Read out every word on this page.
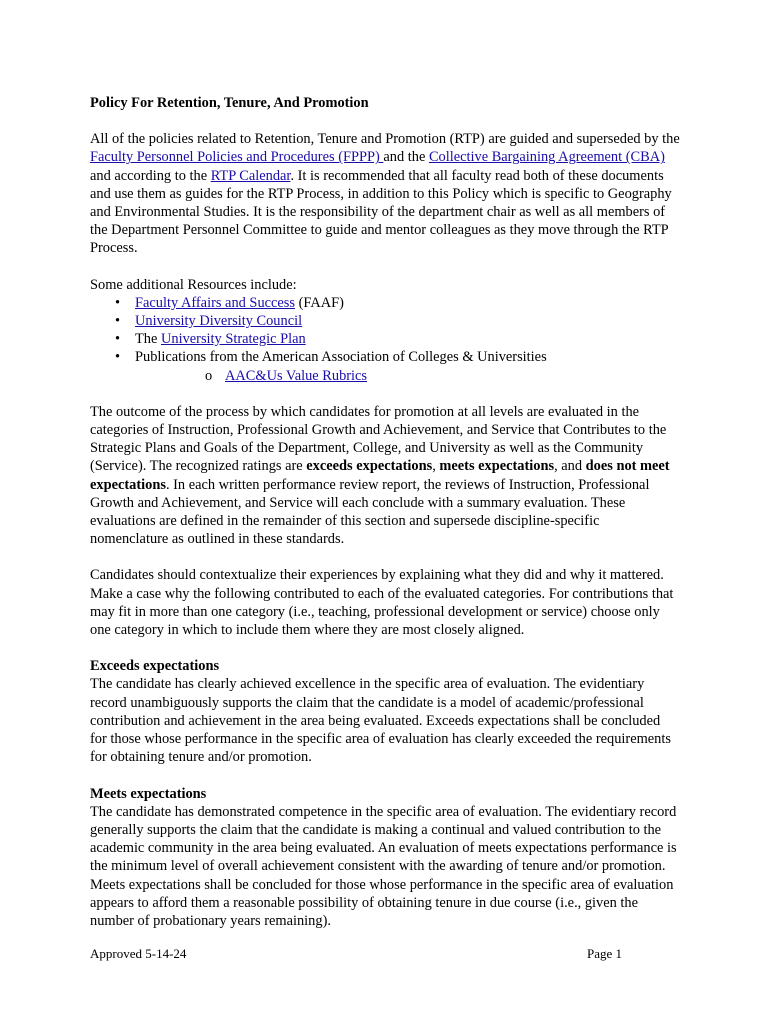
Policy For Retention, Tenure, And Promotion

All of the policies related to Retention, Tenure and Promotion (RTP) are guided and superseded by the Faculty Personnel Policies and Procedures (FPPP) and the Collective Bargaining Agreement (CBA) and according to the RTP Calendar. It is recommended that all faculty read both of these documents and use them as guides for the RTP Process, in addition to this Policy which is specific to Geography and Environmental Studies. It is the responsibility of the department chair as well as all members of the Department Personnel Committee to guide and mentor colleagues as they move through the RTP Process.

Some additional Resources include:
• Faculty Affairs and Success (FAAF)
• University Diversity Council
• The University Strategic Plan
• Publications from the American Association of Colleges & Universities
o AAC&Us Value Rubrics

The outcome of the process by which candidates for promotion at all levels are evaluated in the categories of Instruction, Professional Growth and Achievement, and Service that Contributes to the Strategic Plans and Goals of the Department, College, and University as well as the Community (Service). The recognized ratings are exceeds expectations, meets expectations, and does not meet expectations. In each written performance review report, the reviews of Instruction, Professional Growth and Achievement, and Service will each conclude with a summary evaluation. These evaluations are defined in the remainder of this section and supersede discipline-specific nomenclature as outlined in these standards.

Candidates should contextualize their experiences by explaining what they did and why it mattered. Make a case why the following contributed to each of the evaluated categories. For contributions that may fit in more than one category (i.e., teaching, professional development or service) choose only one category in which to include them where they are most closely aligned.

Exceeds expectations
The candidate has clearly achieved excellence in the specific area of evaluation. The evidentiary record unambiguously supports the claim that the candidate is a model of academic/professional contribution and achievement in the area being evaluated. Exceeds expectations shall be concluded for those whose performance in the specific area of evaluation has clearly exceeded the requirements for obtaining tenure and/or promotion.

Meets expectations
The candidate has demonstrated competence in the specific area of evaluation. The evidentiary record generally supports the claim that the candidate is making a continual and valued contribution to the academic community in the area being evaluated. An evaluation of meets expectations performance is the minimum level of overall achievement consistent with the awarding of tenure and/or promotion. Meets expectations shall be concluded for those whose performance in the specific area of evaluation appears to afford them a reasonable possibility of obtaining tenure in due course (i.e., given the number of probationary years remaining).

Approved 5-14-24	Page 1
